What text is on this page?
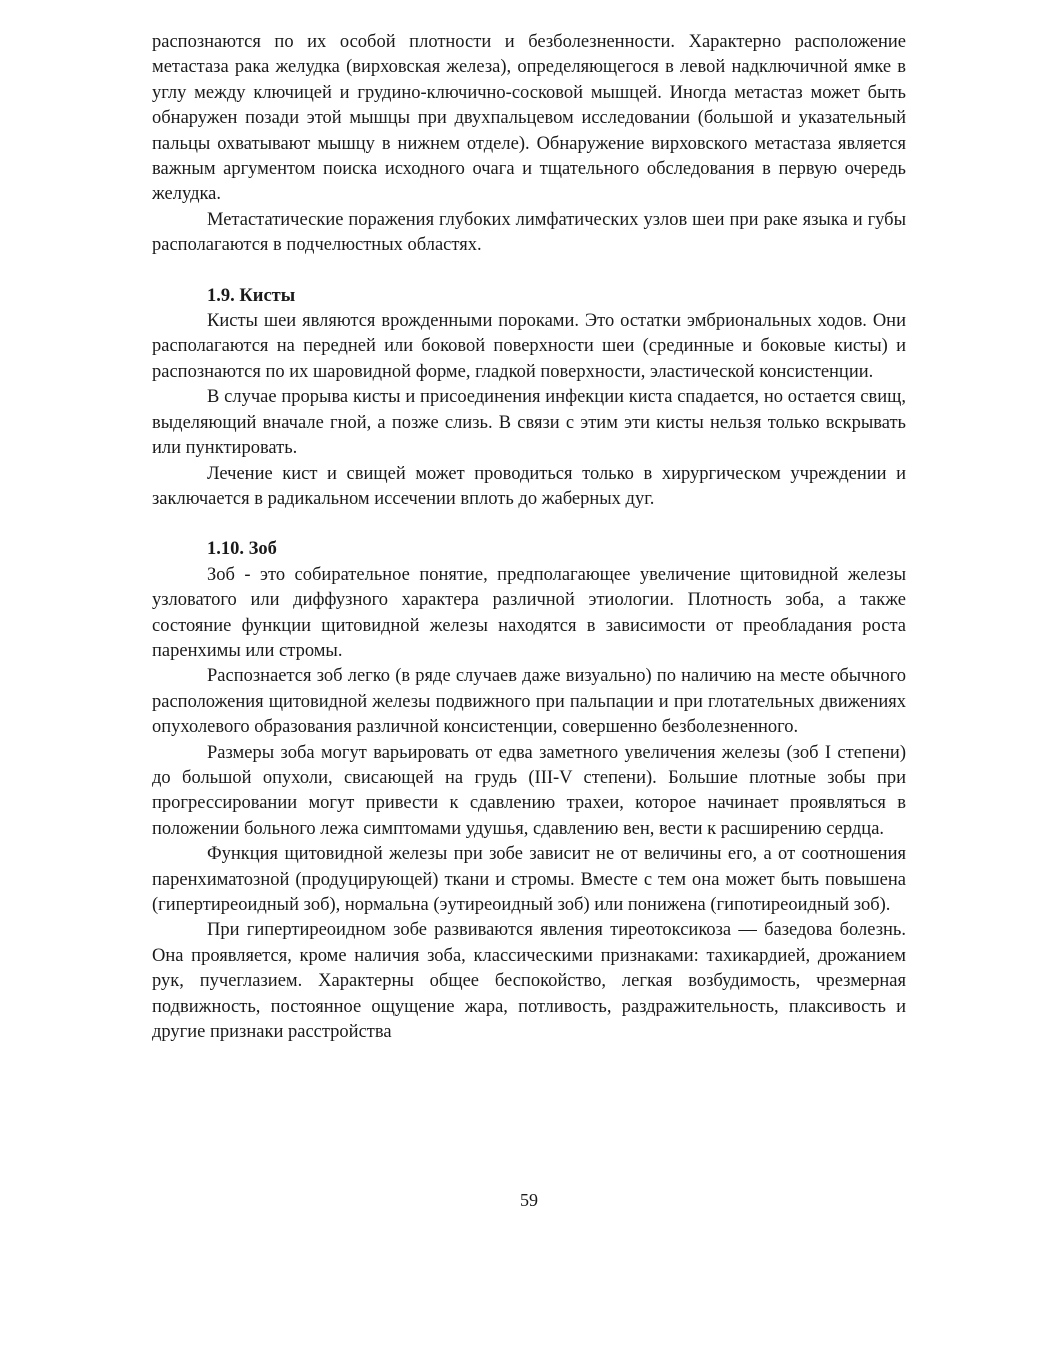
распознаются по их особой плотности и безболезненности. Характерно расположение метастаза рака желудка (вирховская железа), определяющегося в левой надключичной ямке в углу между ключицей и грудино-ключично-сосковой мышцей. Иногда метастаз может быть обнаружен позади этой мышцы при двухпальцевом исследовании (большой и указательный пальцы охватывают мышцу в нижнем отделе). Обнаружение вирховского метастаза является важным аргументом поиска исходного очага и тщательного обследования в первую очередь желудка.

Метастатические поражения глубоких лимфатических узлов шеи при раке языка и губы располагаются в подчелюстных областях.

1.9. Кисты

Кисты шеи являются врожденными пороками. Это остатки эмбриональных ходов. Они располагаются на передней или боковой поверхности шеи (срединные и боковые кисты) и распознаются по их шаровидной форме, гладкой поверхности, эластической консистенции.

В случае прорыва кисты и присоединения инфекции киста спадается, но остается свищ, выделяющий вначале гной, а позже слизь. В связи с этим эти кисты нельзя только вскрывать или пунктировать.

Лечение кист и свищей может проводиться только в хирургическом учреждении и заключается в радикальном иссечении вплоть до жаберных дуг.

1.10. Зоб

Зоб - это собирательное понятие, предполагающее увеличение щитовидной железы узловатого или диффузного характера различной этиологии. Плотность зоба, а также состояние функции щитовидной железы находятся в зависимости от преобладания роста паренхимы или стромы.

Распознается зоб легко (в ряде случаев даже визуально) по наличию на месте обычного расположения щитовидной железы подвижного при пальпации и при глотательных движениях опухолевого образования различной консистенции, совершенно безболезненного.

Размеры зоба могут варьировать от едва заметного увеличения железы (зоб I степени) до большой опухоли, свисающей на грудь (III-V степени). Большие плотные зобы при прогрессировании могут привести к сдавлению трахеи, которое начинает проявляться в положении больного лежа симптомами удушья, сдавлению вен, вести к расширению сердца.

Функция щитовидной железы при зобе зависит не от величины его, а от соотношения паренхиматозной (продуцирующей) ткани и стромы. Вместе с тем она может быть повышена (гипертиреоидный зоб), нормальна (эутиреоидный зоб) или понижена (гипотиреоидный зоб).

При гипертиреоидном зобе развиваются явления тиреотоксикоза — базедова болезнь. Она проявляется, кроме наличия зоба, классическими признаками: тахикардией, дрожанием рук, пучеглазием. Характерны общее беспокойство, легкая возбудимость, чрезмерная подвижность, постоянное ощущение жара, потливость, раздражительность, плаксивость и другие признаки расстройства

59
